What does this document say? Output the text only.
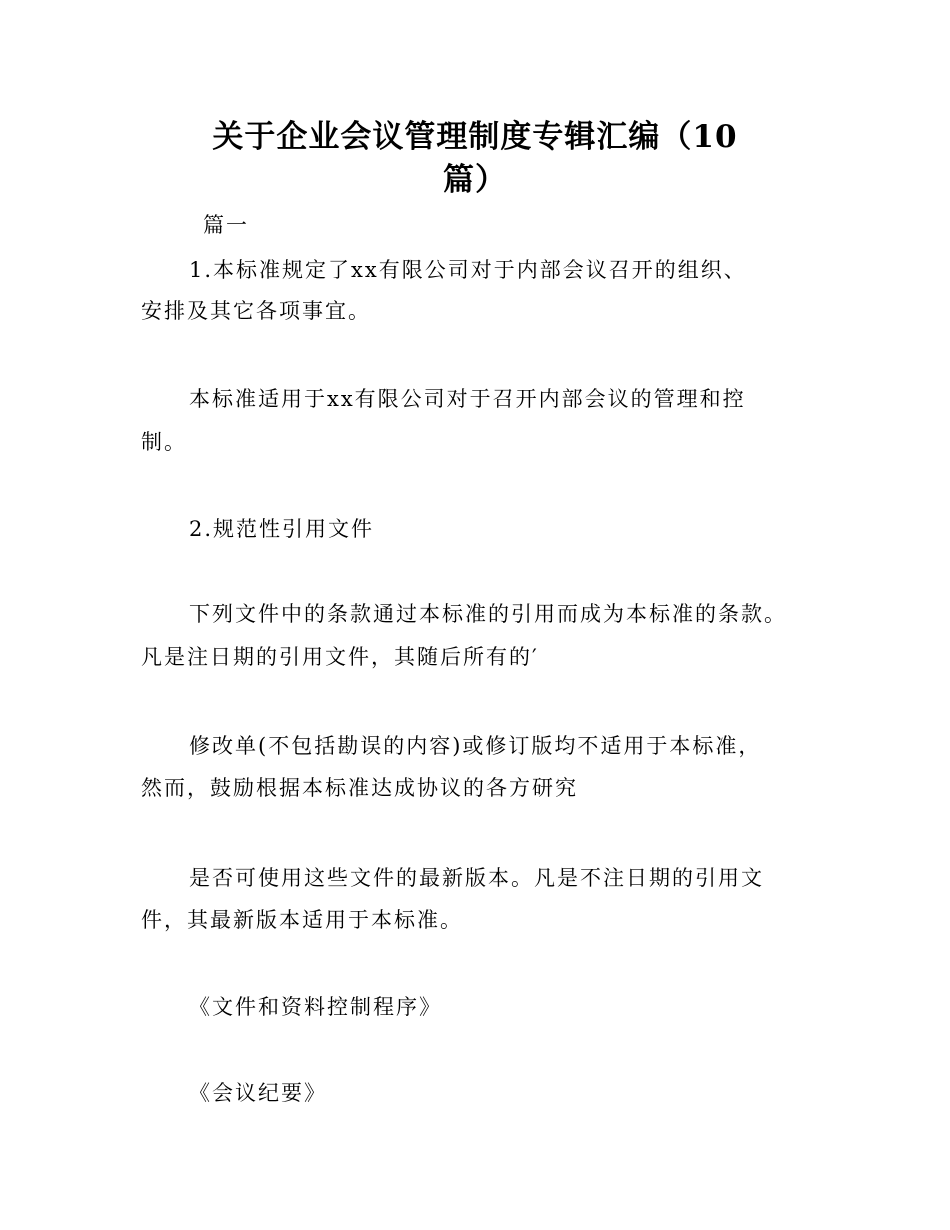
关于企业会议管理制度专辑汇编（10
篇）
篇一
1.本标准规定了xx有限公司对于内部会议召开的组织、
安排及其它各项事宜。
本标准适用于xx有限公司对于召开内部会议的管理和控
制。
2.规范性引用文件
下列文件中的条款通过本标准的引用而成为本标准的条款。
凡是注日期的引用文件，其随后所有的′
修改单(不包括勘误的内容)或修订版均不适用于本标准，
然而，鼓励根据本标准达成协议的各方研究
是否可使用这些文件的最新版本。凡是不注日期的引用文
件，其最新版本适用于本标准。
《文件和资料控制程序》
《会议纪要》
